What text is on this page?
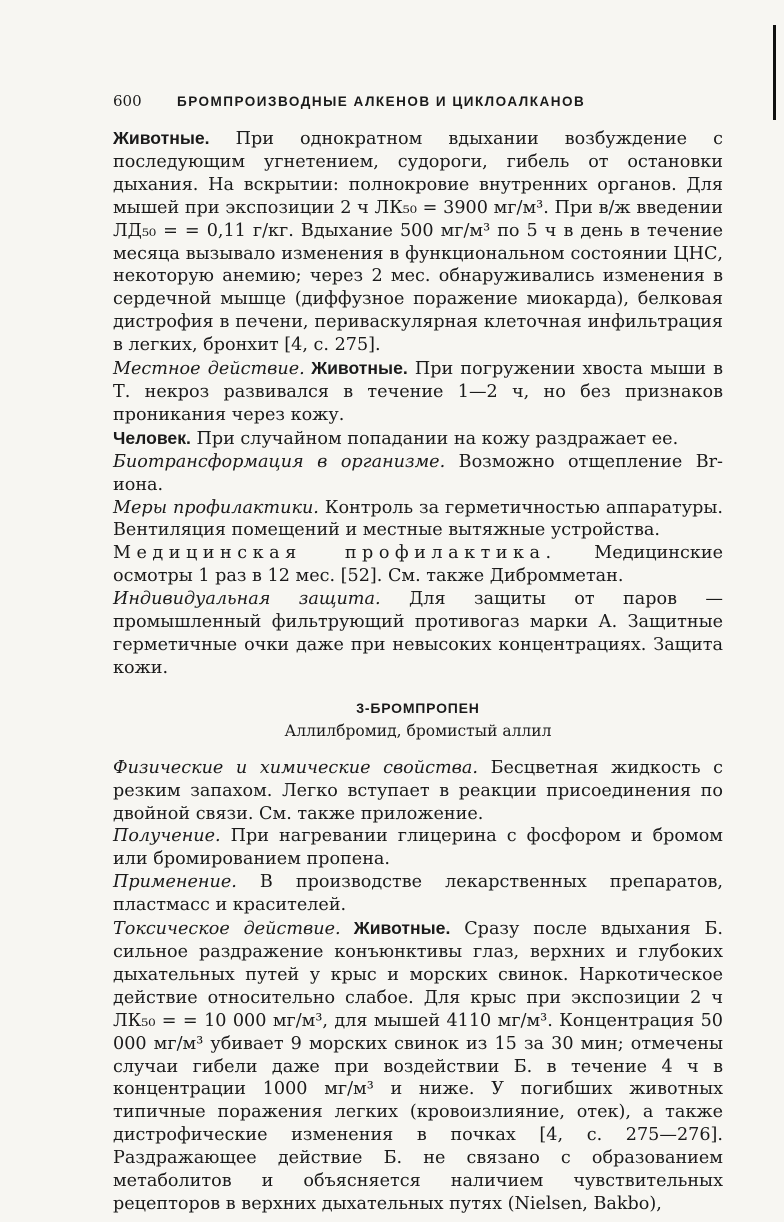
600	БРОМПРОИЗВОДНЫЕ АЛКЕНОВ И ЦИКЛОАЛКАНОВ

Животные. При однократном вдыхании возбуждение с последующим угнетением, судороги, гибель от остановки дыхания. На вскрытии: полнокровие внутренних органов. Для мышей при экспозиции 2 ч ЛК₅₀ = 3900 мг/м³. При в/ж введении ЛД₅₀ = = 0,11 г/кг. Вдыхание 500 мг/м³ по 5 ч в день в течение месяца вызывало изменения в функциональном состоянии ЦНС, некоторую анемию; через 2 мес. обнаруживались изменения в сердечной мышце (диффузное поражение миокарда), белковая дистрофия в печени, периваскулярная клеточная инфильтрация в легких, бронхит [4, с. 275].

Местное действие. Животные. При погружении хвоста мыши в Т. некроз развивался в течение 1—2 ч, но без признаков проникания через кожу.

Человек. При случайном попадании на кожу раздражает ее.

Биотрансформация в организме. Возможно отщепление Br-иона.

Меры профилактики. Контроль за герметичностью аппаратуры. Вентиляция помещений и местные вытяжные устройства.

Медицинская профилактика. Медицинские осмотры 1 раз в 12 мес. [52]. См. также Дибромметан.

Индивидуальная защита. Для защиты от паров — промышленный фильтрующий противогаз марки А. Защитные герметичные очки даже при невысоких концентрациях. Защита кожи.

3-БРОМПРОПЕН
Аллилбромид, бромистый аллил

Физические и химические свойства. Бесцветная жидкость с резким запахом. Легко вступает в реакции присоединения по двойной связи. См. также приложение.

Получение. При нагревании глицерина с фосфором и бромом или бромированием пропена.

Применение. В производстве лекарственных препаратов, пластмасс и красителей.

Токсическое действие. Животные. Сразу после вдыхания Б. сильное раздражение конъюнктивы глаз, верхних и глубоких дыхательных путей у крыс и морских свинок. Наркотическое действие относительно слабое. Для крыс при экспозиции 2 ч ЛК₅₀ = = 10 000 мг/м³, для мышей 4110 мг/м³. Концентрация 50 000 мг/м³ убивает 9 морских свинок из 15 за 30 мин; отмечены случаи гибели даже при воздействии Б. в течение 4 ч в концентрации 1000 мг/м³ и ниже. У погибших животных типичные поражения легких (кровоизлияние, отек), а также дистрофические изменения в почках [4, с. 275—276]. Раздражающее действие Б. не связано с образованием метаболитов и объясняется наличием чувствительных рецепторов в верхних дыхательных путях (Nielsen, Bakbo),
